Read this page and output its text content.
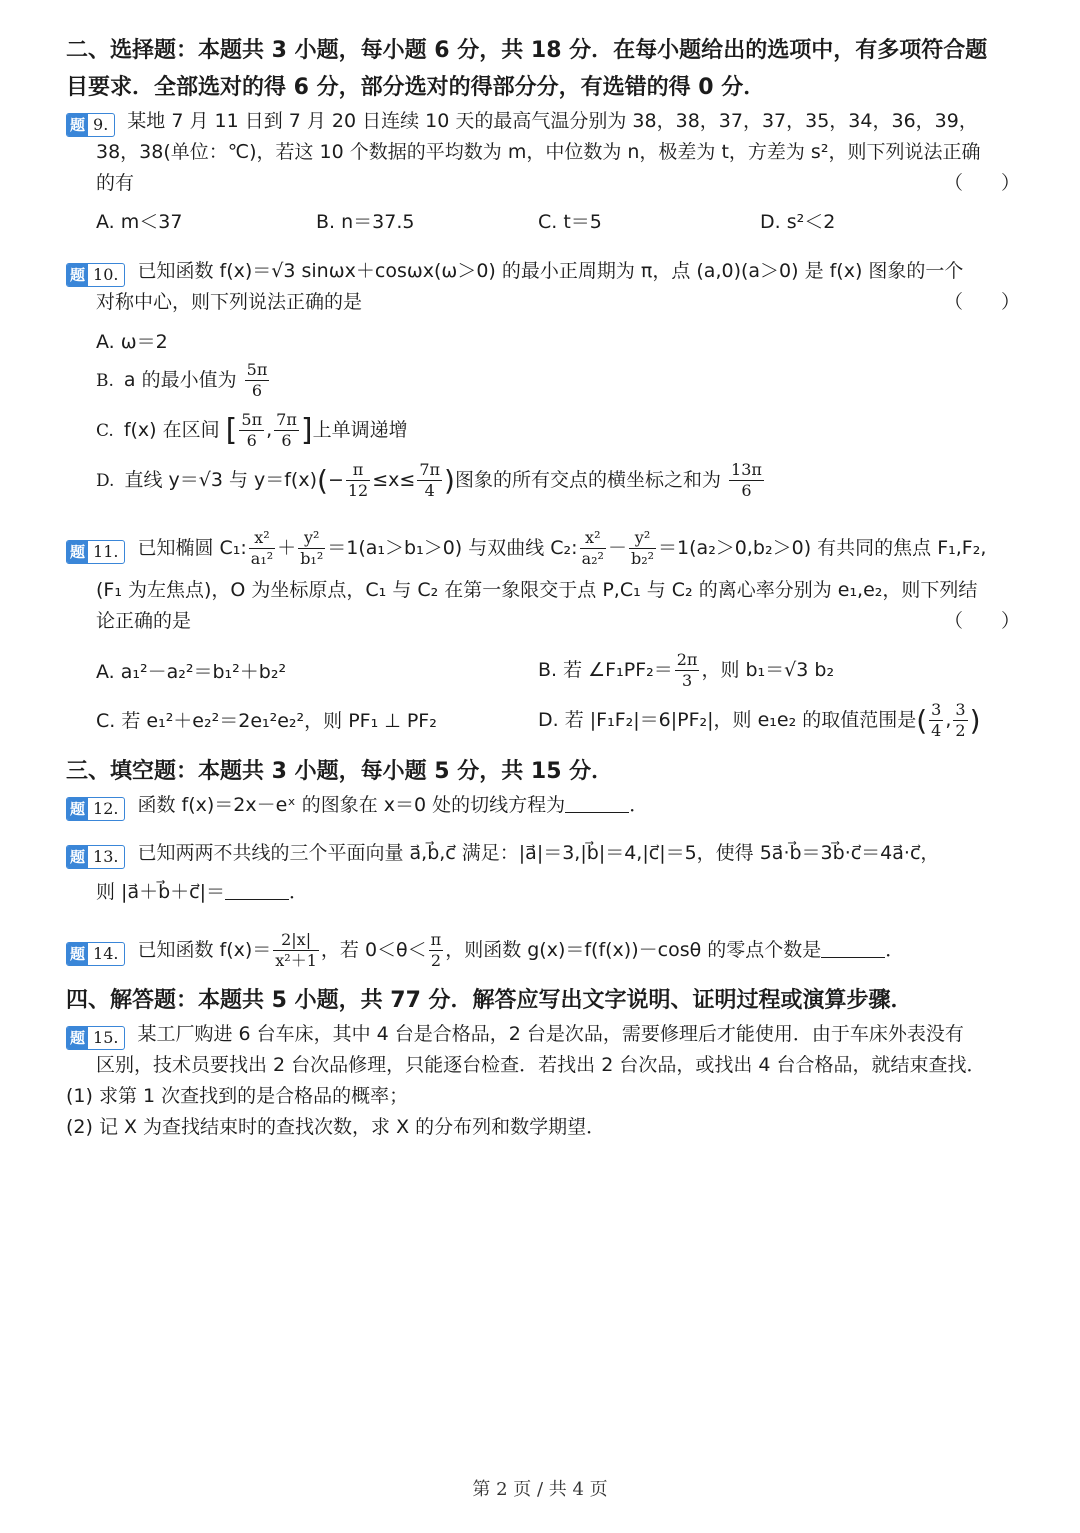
二、选择题：本题共 3 小题，每小题 6 分，共 18 分．在每小题给出的选项中，有多项符合题
目要求．全部选对的得 6 分，部分选对的得部分分，有选错的得 0 分．
题 9.	某地 7 月 11 日到 7 月 20 日连续 10 天的最高气温分别为 38，38，37，37，35，34，36，39，
38，38(单位：℃)，若这 10 个数据的平均数为 m，中位数为 n，极差为 t，方差为 s²，则下列说法正确
的有	（　　）
A. m＜37	B. n＝37.5	C. t＝5	D. s²＜2
题 10.	已知函数 f(x)＝√3 sinωx＋cosωx(ω＞0) 的最小正周期为 π，点 (a,0)(a＞0) 是 f(x) 图象的一个
对称中心，则下列说法正确的是	（　　）
A. ω＝2
B. a 的最小值为 $\frac{5\pi}{6}$
C. f(x) 在区间 [ $\frac{5\pi}{6}$ , $\frac{7\pi}{6}$ ]上单调递增
D. 直线 y＝√3 与 $y=f(x)(- \frac{\pi}{12} \le x\le \frac{7\pi}{4}$ )图象的所有交点的横坐标之和为 $\frac{13\pi}{6}$
题 11.	已知椭圆 C₁: $\frac{\text{x²}}{\text{a₁²}} + \frac{\text{y²}}{\text{b₁²}} =1(a_1>b_1>0)$ 与双曲线 C₂: $\frac{\text{x²}}{\text{a₂²}} - \frac{\text{y²}}{\text{b₂²}} =1(a_2>0,b_2>0)$ 有共同的焦点 F₁,F₂,
(F₁ 为左焦点)，O 为坐标原点，C₁ 与 C₂ 在第一象限交于点 P,C₁ 与 C₂ 的离心率分别为 e₁,e₂，则下列结
论正确的是	（　　）
A. a₁²－a₂²＝b₁²＋b₂²	B. 若 ∠F₁PF₂＝ $\frac{2\pi}{3}$ ，则 b₁＝√3 b₂
C. 若 e₁²＋e₂²＝2e₁²e₂²，则 PF₁ ⊥ PF₂	D. 若 |F₁F₂|＝6|PF₂|，则 e₁e₂ 的取值范围是( $\frac{3}{4}$ , $\frac{3}{2}$ )
三、填空题：本题共 3 小题，每小题 5 分，共 15 分．
题 12.	函数 f(x)＝2x－eˣ 的图象在 x＝0 处的切线方程为	．
题 13.	已知两两不共线的三个平面向量 a⃗,b⃗,c⃗ 满足：|a⃗|＝3,|b⃗|＝4,|c⃗|＝5，使得 5a⃗·b⃗＝3b⃗·c⃗＝4a⃗·c⃗，
则 |a⃗＋b⃗＋c⃗|＝	．
题 14.	已知函数 $f(x)= \frac{2|x|}{\text{x²＋1}}$ ，若 $0<\theta< \frac{\pi}{2}$ ，则函数 g(x)＝f(f(x))－cosθ 的零点个数是	．
四、解答题：本题共 5 小题，共 77 分．解答应写出文字说明、证明过程或演算步骤．
题 15.	某工厂购进 6 台车床，其中 4 台是合格品，2 台是次品，需要修理后才能使用．由于车床外表没有
区别，技术员要找出 2 台次品修理，只能逐台检查．若找出 2 台次品，或找出 4 台合格品，就结束查找．
(1) 求第 1 次查找到的是合格品的概率；
(2) 记 X 为查找结束时的查找次数，求 X 的分布列和数学期望．
第 2 页 / 共 4 页
